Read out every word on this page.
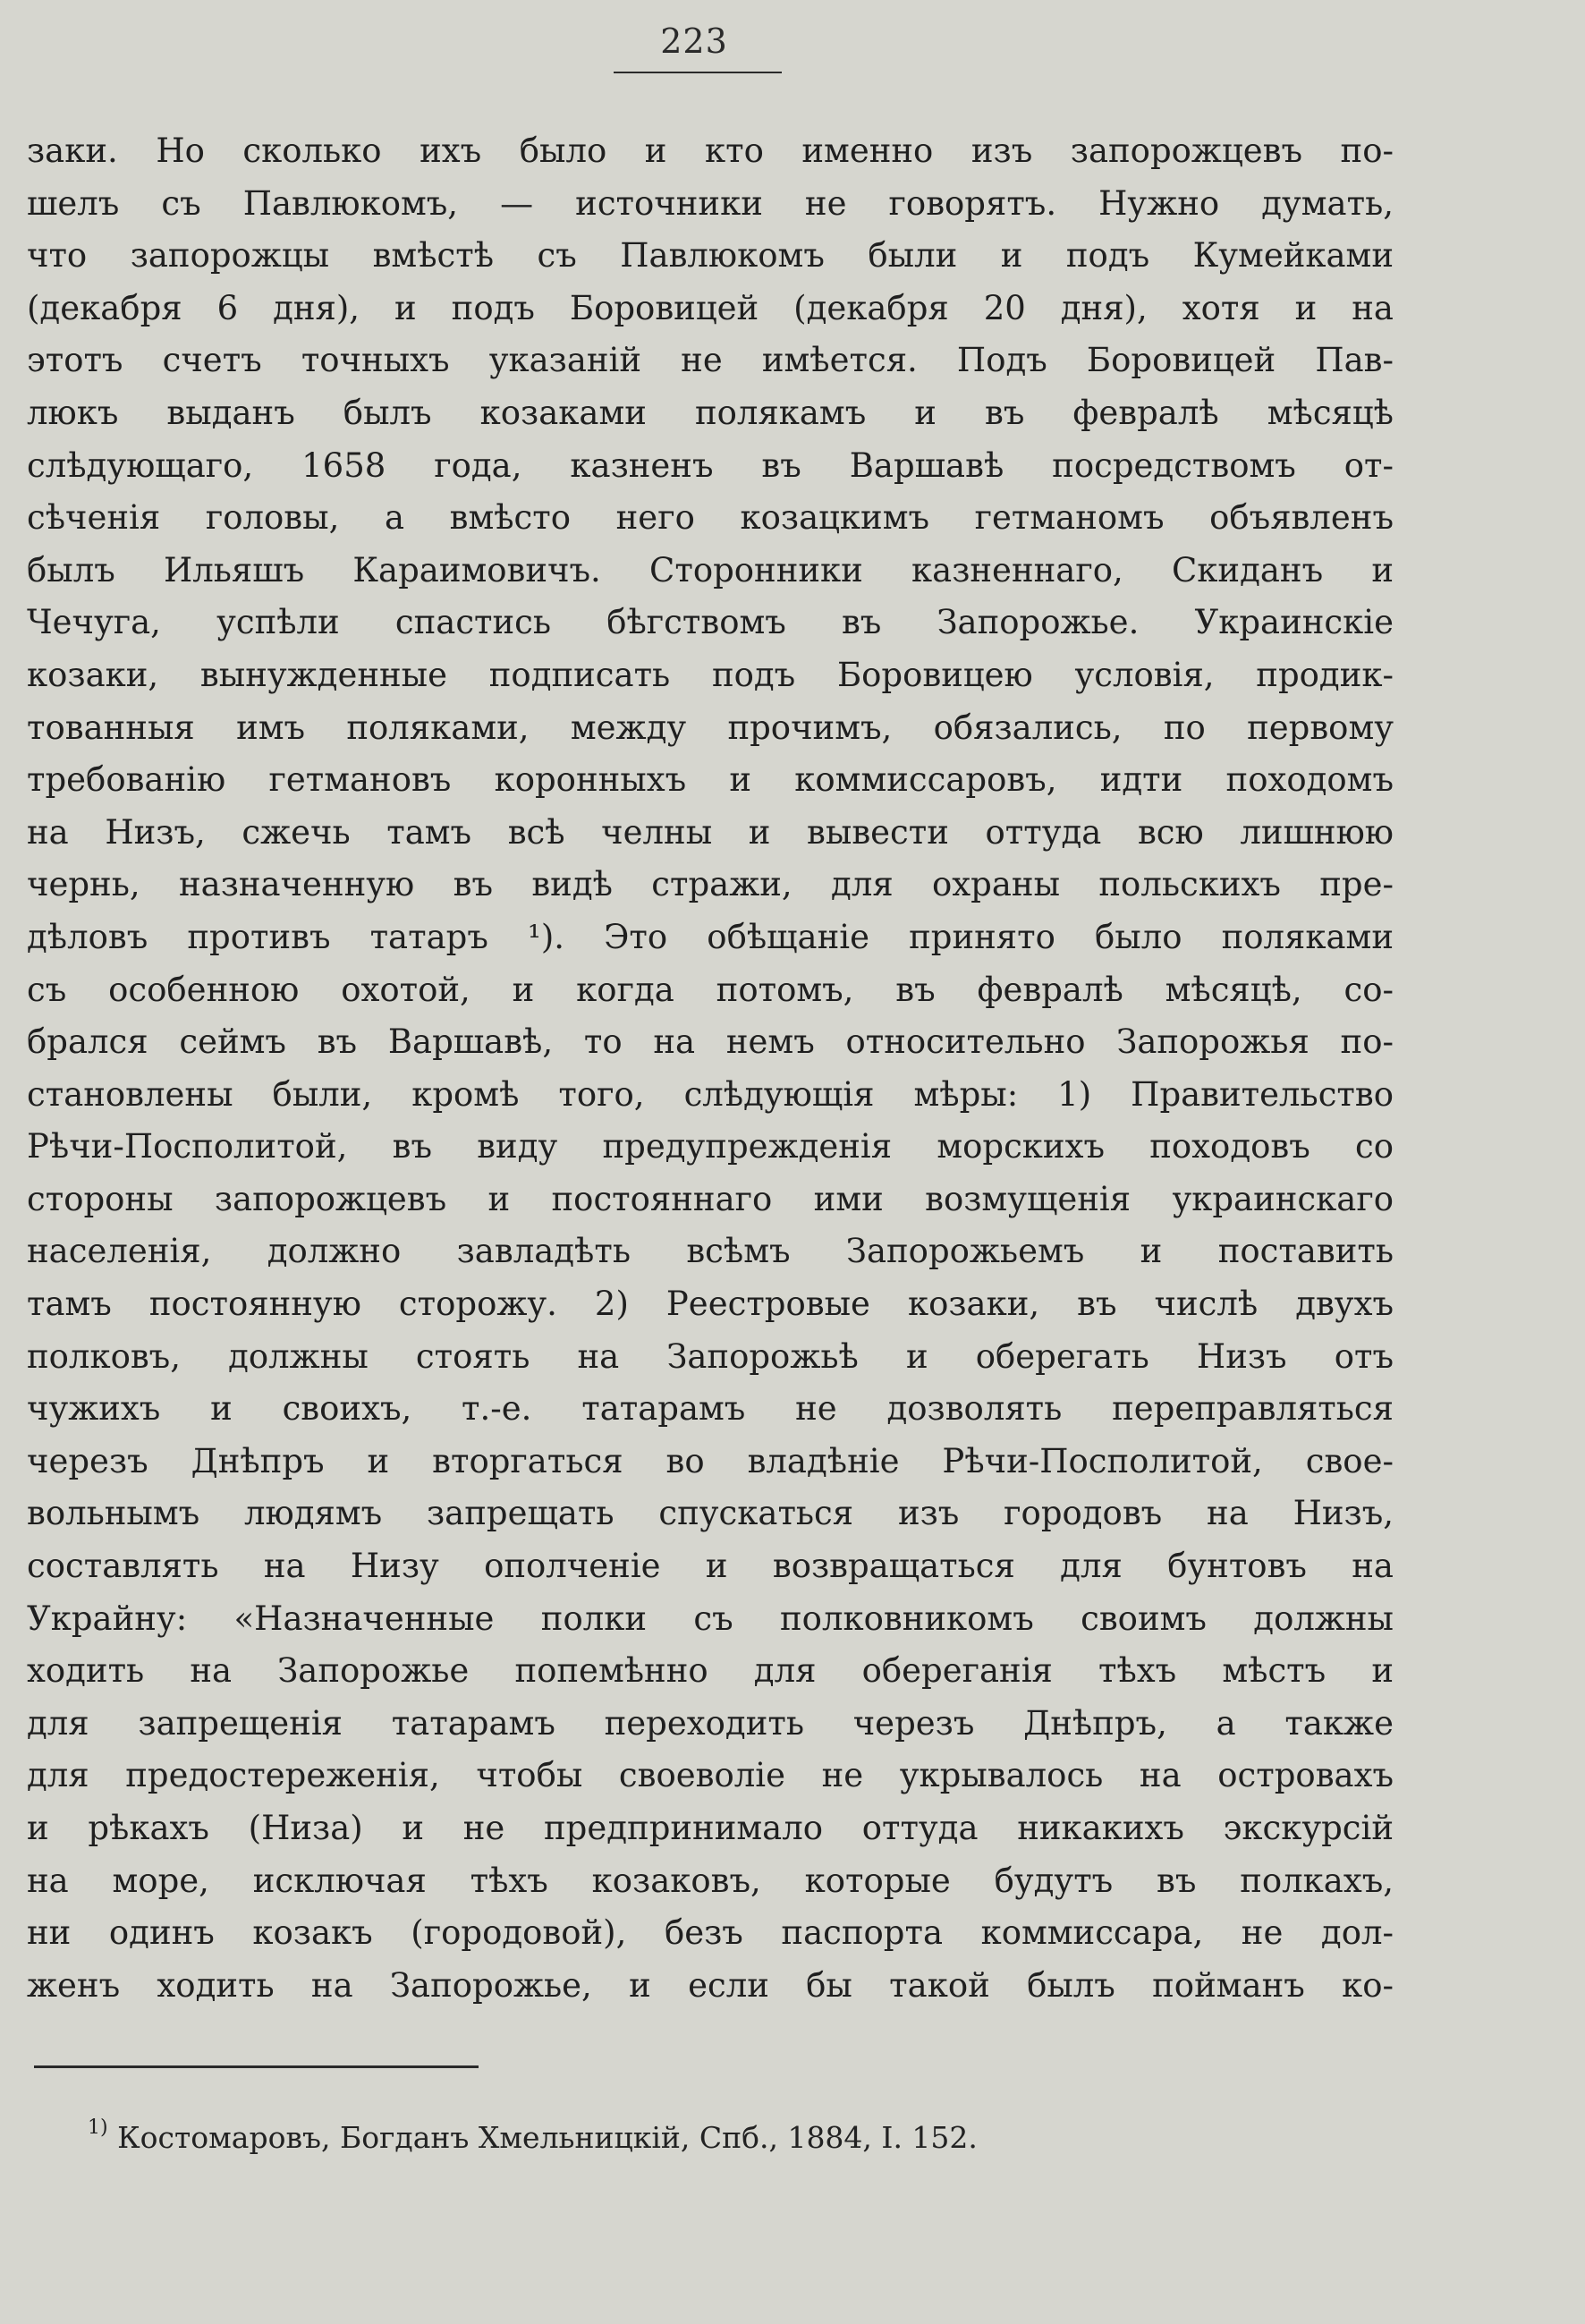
223
заки. Но сколько ихъ было и кто именно изъ запорожцевъ по-
шелъ съ Павлюкомъ, — источники не говорятъ. Нужно думать,
что запорожцы вмѣстѣ съ Павлюкомъ были и подъ Кумейками
(декабря 6 дня), и подъ Боровицей (декабря 20 дня), хотя и на
этотъ счетъ точныхъ указаній не имѣется. Подъ Боровицей Пав-
люкъ выданъ былъ козаками полякамъ и въ февралѣ мѣсяцѣ
слѣдующаго, 1658 года, казненъ въ Варшавѣ посредствомъ от-
сѣченія головы, а вмѣсто него козацкимъ гетманомъ объявленъ
былъ Ильяшъ Караимовичъ. Сторонники казненнаго, Скиданъ и
Чечуга, успѣли спастись бѣгствомъ въ Запорожье. Украинскіе
козаки, вынужденные подписать подъ Боровицею условія, продик-
тованныя имъ поляками, между прочимъ, обязались, по первому
требованію гетмановъ коронныхъ и коммиссаровъ, идти походомъ
на Низъ, сжечь тамъ всѣ челны и вывести оттуда всю лишнюю
чернь, назначенную въ видѣ стражи, для охраны польскихъ пре-
дѣловъ противъ татаръ ¹). Это обѣщаніе принято было поляками
съ особенною охотой, и когда потомъ, въ февралѣ мѣсяцѣ, со-
брался сеймъ въ Варшавѣ, то на немъ относительно Запорожья по-
становлены были, кромѣ того, слѣдующія мѣры: 1) Правительство
Рѣчи-Посполитой, въ виду предупрежденія морскихъ походовъ со
стороны запорожцевъ и постояннаго ими возмущенія украинскаго
населенія, должно завладѣть всѣмъ Запорожьемъ и поставить
тамъ постоянную сторожу. 2) Реестровые козаки, въ числѣ двухъ
полковъ, должны стоять на Запорожьѣ и оберегать Низъ отъ
чужихъ и своихъ, т.-е. татарамъ не дозволять переправляться
черезъ Днѣпръ и вторгаться во владѣніе Рѣчи-Посполитой, свое-
вольнымъ людямъ запрещать спускаться изъ городовъ на Низъ,
составлять на Низу ополченіе и возвращаться для бунтовъ на
Украйну: «Назначенные полки съ полковникомъ своимъ должны
ходить на Запорожье попемѣнно для обереганія тѣхъ мѣстъ и
для запрещенія татарамъ переходить черезъ Днѣпръ, а также
для предостереженія, чтобы своеволіе не укрывалось на островахъ
и рѣкахъ (Низа) и не предпринимало оттуда никакихъ экскурсій
на море, исключая тѣхъ козаковъ, которые будутъ въ полкахъ,
ни одинъ козакъ (городовой), безъ паспорта коммиссара, не дол-
женъ ходить на Запорожье, и если бы такой былъ пойманъ ко-
$^{1)}$ Костомаровъ, Богданъ Хмельницкій, Спб., 1884, I. 152.
